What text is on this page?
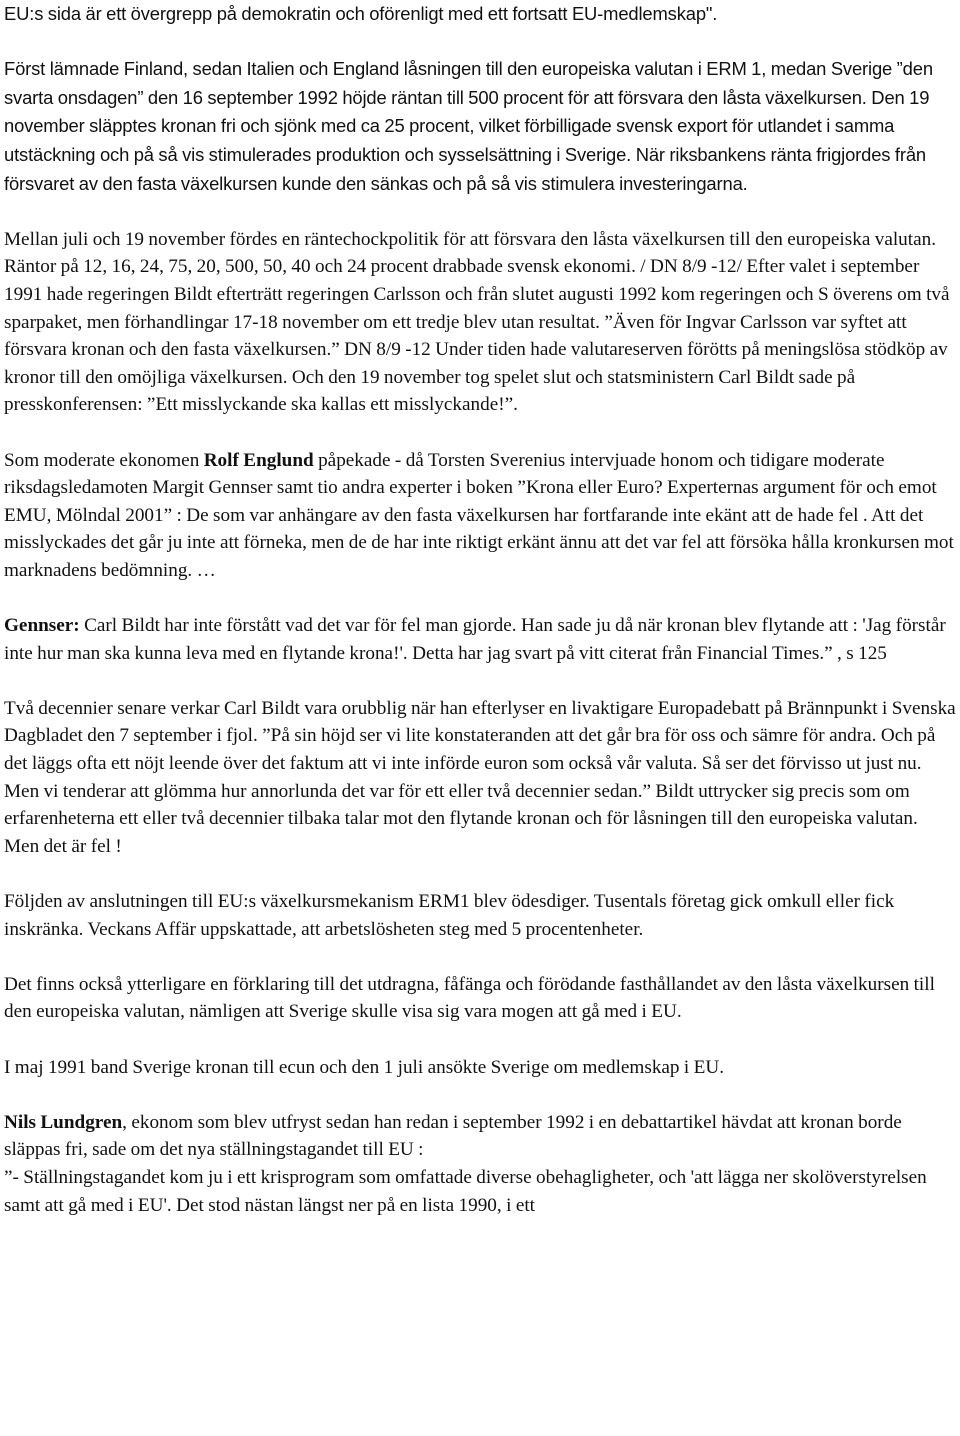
EU:s sida är ett övergrepp på demokratin och oförenligt med ett fortsatt EU-medlemskap".

Först lämnade Finland, sedan Italien och England låsningen till den europeiska valutan i ERM 1, medan Sverige ”den svarta onsdagen” den 16 september 1992 höjde räntan till 500 procent för att försvara den låsta växelkursen. Den 19 november släpptes kronan fri och sjönk med ca 25 procent, vilket förbilligade svensk export för utlandet i samma utstäckning och på så vis stimulerades produktion och sysselsättning i Sverige. När riksbankens ränta frigjordes från försvaret av den fasta växelkursen kunde den sänkas och på så vis stimulera investeringarna.

Mellan juli och 19 november fördes en räntechockpolitik för att försvara den låsta växelkursen till den europeiska valutan. Räntor på 12, 16, 24, 75, 20, 500, 50, 40 och 24 procent drabbade svensk ekonomi. / DN 8/9 -12/ Efter valet i september 1991 hade regeringen Bildt efterträtt regeringen Carlsson och från slutet augusti 1992 kom regeringen och S överens om två sparpaket, men förhandlingar 17-18 november om ett tredje blev utan resultat. ”Även för Ingvar Carlsson var syftet att försvara kronan och den fasta växelkursen.” DN 8/9 -12 Under tiden hade valutareserven förötts på meningslösa stödköp av kronor till den omöjliga växelkursen. Och den 19 november tog spelet slut och statsministern Carl Bildt sade på presskonferensen: ”Ett misslyckande ska kallas ett misslyckande!”.

Som moderate ekonomen Rolf Englund påpekade - då Torsten Sverenius intervjuade honom och tidigare moderate riksdagsledamoten Margit Gennser samt tio andra experter i boken ”Krona eller Euro? Experternas argument för och emot EMU, Mölndal 2001” : De som var anhängare av den fasta växelkursen har fortfarande inte ekänt att de hade fel . Att det misslyckades det går ju inte att förneka, men de de har inte riktigt erkänt ännu att det var fel att försöka hålla kronkursen mot marknadens bedömning. …

Gennser: Carl Bildt har inte förstått vad det var för fel man gjorde. Han sade ju då när kronan blev flytande att : 'Jag förstår inte hur man ska kunna leva med en flytande krona!'. Detta har jag svart på vitt citerat från Financial Times.” , s 125

Två decennier senare verkar Carl Bildt vara orubblig när han efterlyser en livaktigare Europadebatt på Brännpunkt i Svenska Dagbladet den 7 september i fjol. ”På sin höjd ser vi lite konstateranden att det går bra för oss och sämre för andra. Och på det läggs ofta ett nöjt leende över det faktum att vi inte införde euron som också vår valuta. Så ser det förvisso ut just nu. Men vi tenderar att glömma hur annorlunda det var för ett eller två decennier sedan.” Bildt uttrycker sig precis som om erfarenheterna ett eller två decennier tilbaka talar mot den flytande kronan och för låsningen till den europeiska valutan. Men det är fel !

Följden av anslutningen till EU:s växelkursmekanism ERM1 blev ödesdiger. Tusentals företag gick omkull eller fick inskränka. Veckans Affär uppskattade, att arbetslösheten steg med 5 procentenheter.

Det finns också ytterligare en förklaring till det utdragna, fåfänga och förödande fasthållandet av den låsta växelkursen till den europeiska valutan, nämligen att Sverige skulle visa sig vara mogen att gå med i EU.

I maj 1991 band Sverige kronan till ecun och den 1 juli ansökte Sverige om medlemskap i EU.

Nils Lundgren, ekonom som blev utfryst sedan han redan i september 1992 i en debattartikel hävdat att kronan borde släppas fri, sade om det nya ställningstagandet till EU :
”- Ställningstagandet kom ju i ett krisprogram som omfattade diverse obehagligheter, och 'att lägga ner skolöverstyrelsen samt att gå med i EU'. Det stod nästan längst ner på en lista 1990, i ett
